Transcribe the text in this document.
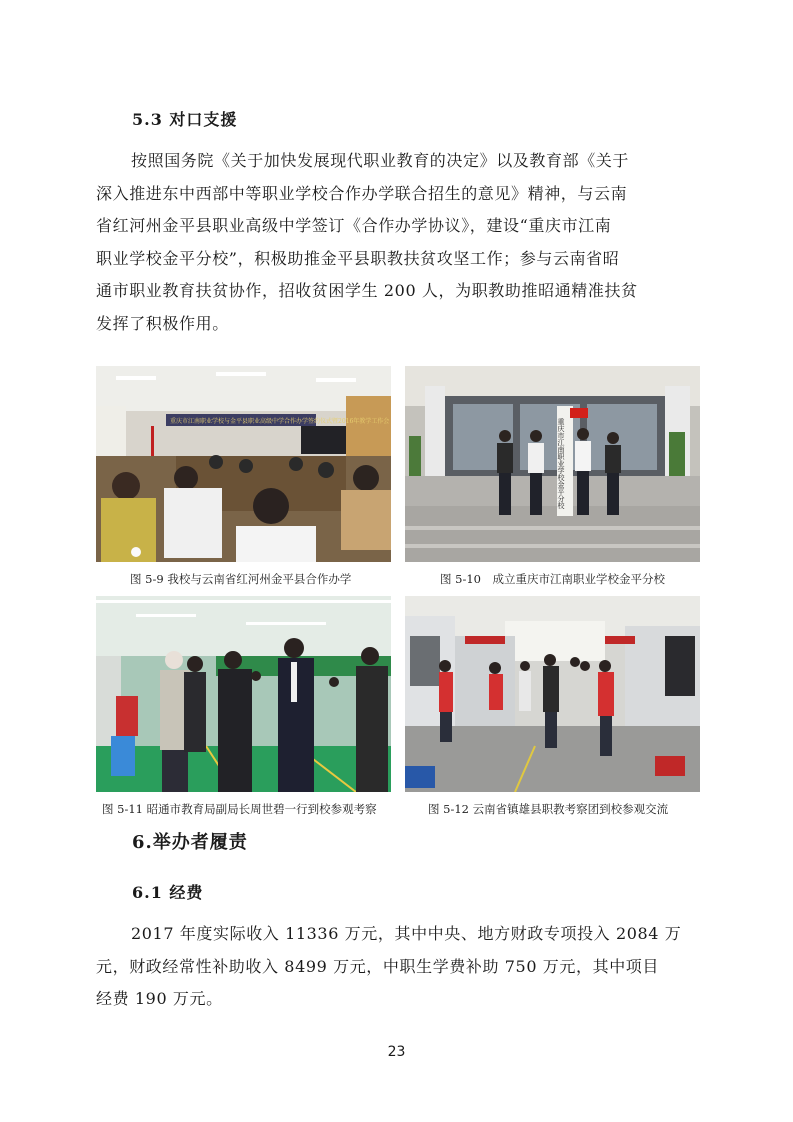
5.3 对口支援
按照国务院《关于加快发展现代职业教育的决定》以及教育部《关于
深入推进东中西部中等职业学校合作办学联合招生的意见》精神，与云南
省红河州金平县职业高级中学签订《合作办学协议》，建设“重庆市江南
职业学校金平分校”，积极助推金平县职教扶贫攻坚工作；参与云南省昭
通市职业教育扶贫协作，招收贫困学生 200 人，为职教助推昭通精准扶贫
发挥了积极作用。
重庆市江南职业学校与金平县职业高级中学合作办学签约仪式暨2016年教学工作会
图 5-9 我校与云南省红河州金平县合作办学
重庆市江南职业学校金平分校
图 5-10　成立重庆市江南职业学校金平分校
图 5-11 昭通市教育局副局长周世碧一行到校参观考察	图 5-12 云南省镇雄县职教考察团到校参观交流
6.举办者履责
6.1 经费
2017 年度实际收入 11336 万元，其中中央、地方财政专项投入 2084 万
元，财政经常性补助收入 8499 万元，中职生学费补助 750 万元，其中项目
经费 190 万元。
23
